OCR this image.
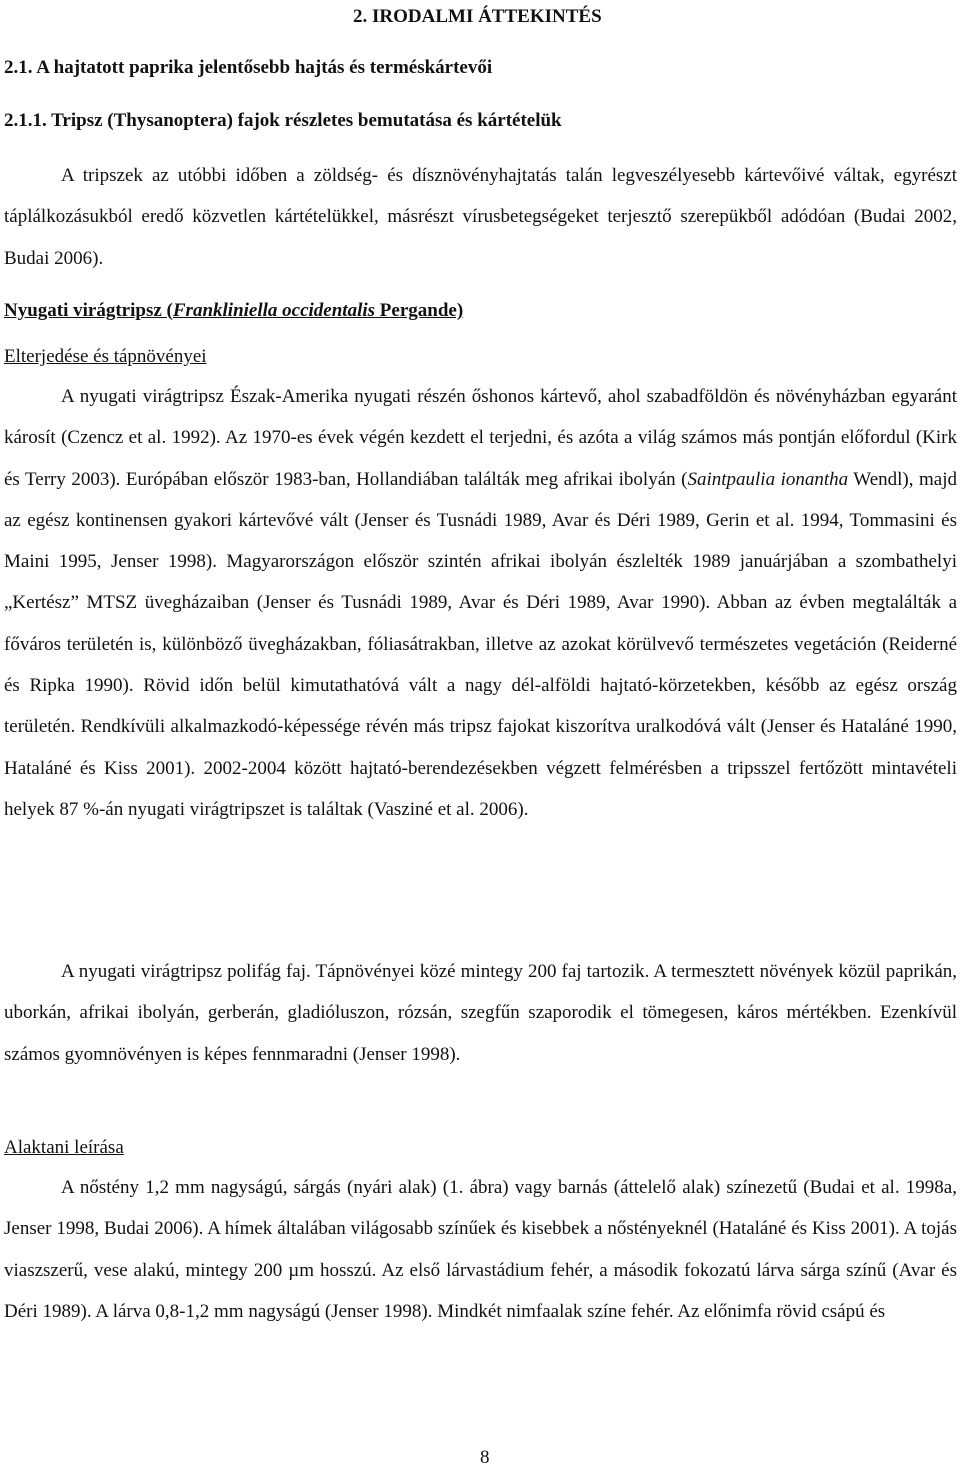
2. IRODALMI ÁTTEKINTÉS
2.1. A hajtatott paprika jelentősebb hajtás és terméskártevői
2.1.1. Tripsz (Thysanoptera) fajok részletes bemutatása és kártételük

A tripszek az utóbbi időben a zöldség- és dísznövényhajtatás talán legveszélyesebb kártevőivé váltak, egyrészt táplálkozásukból eredő közvetlen kártételükkel, másrészt vírusbetegségeket terjesztő szerepükből adódóan (Budai 2002, Budai 2006).

Nyugati virágtripsz (Frankliniella occidentalis Pergande)

Elterjedése és tápnövényei

A nyugati virágtripsz Észak-Amerika nyugati részén őshonos kártevő, ahol szabadföldön és növényházban egyaránt károsít (Czencz et al. 1992). Az 1970-es évek végén kezdett el terjedni, és azóta a világ számos más pontján előfordul (Kirk és Terry 2003). Európában először 1983-ban, Hollandiában találták meg afrikai ibolyán (Saintpaulia ionantha Wendl), majd az egész kontinensen gyakori kártevővé vált (Jenser és Tusnádi 1989, Avar és Déri 1989, Gerin et al. 1994, Tommasini és Maini 1995, Jenser 1998). Magyarországon először szintén afrikai ibolyán észlelték 1989 januárjában a szombathelyi „Kertész” MTSZ üvegházaiban (Jenser és Tusnádi 1989, Avar és Déri 1989, Avar 1990). Abban az évben megtalálták a főváros területén is, különböző üvegházakban, fóliasátrakban, illetve az azokat körülvevő természetes vegetáción (Reiderné és Ripka 1990). Rövid időn belül kimutathatóvá vált a nagy dél-alföldi hajtató-körzetekben, később az egész ország területén. Rendkívüli alkalmazkodó-képessége révén más tripsz fajokat kiszorítva uralkodóvá vált (Jenser és Hataláné 1990, Hataláné és Kiss 2001). 2002-2004 között hajtató-berendezésekben végzett felmérésben a tripsszel fertőzött mintavételi helyek 87 %-án nyugati virágtripszet is találtak (Vasziné et al. 2006).

A nyugati virágtripsz polifág faj. Tápnövényei közé mintegy 200 faj tartozik. A termesztett növények közül paprikán, uborkán, afrikai ibolyán, gerberán, gladióluszon, rózsán, szegfűn szaporodik el tömegesen, káros mértékben. Ezenkívül számos gyomnövényen is képes fennmaradni (Jenser 1998).

Alaktani leírása

A nőstény 1,2 mm nagyságú, sárgás (nyári alak) (1. ábra) vagy barnás (áttelelő alak) színezetű (Budai et al. 1998a, Jenser 1998, Budai 2006). A hímek általában világosabb színűek és kisebbek a nőstényeknél (Hataláné és Kiss 2001). A tojás viaszszerű, vese alakú, mintegy 200 µm hosszú. Az első lárvastádium fehér, a második fokozatú lárva sárga színű (Avar és Déri 1989). A lárva 0,8-1,2 mm nagyságú (Jenser 1998). Mindkét nimfaalak színe fehér. Az előnimfa rövid csápú és

8
